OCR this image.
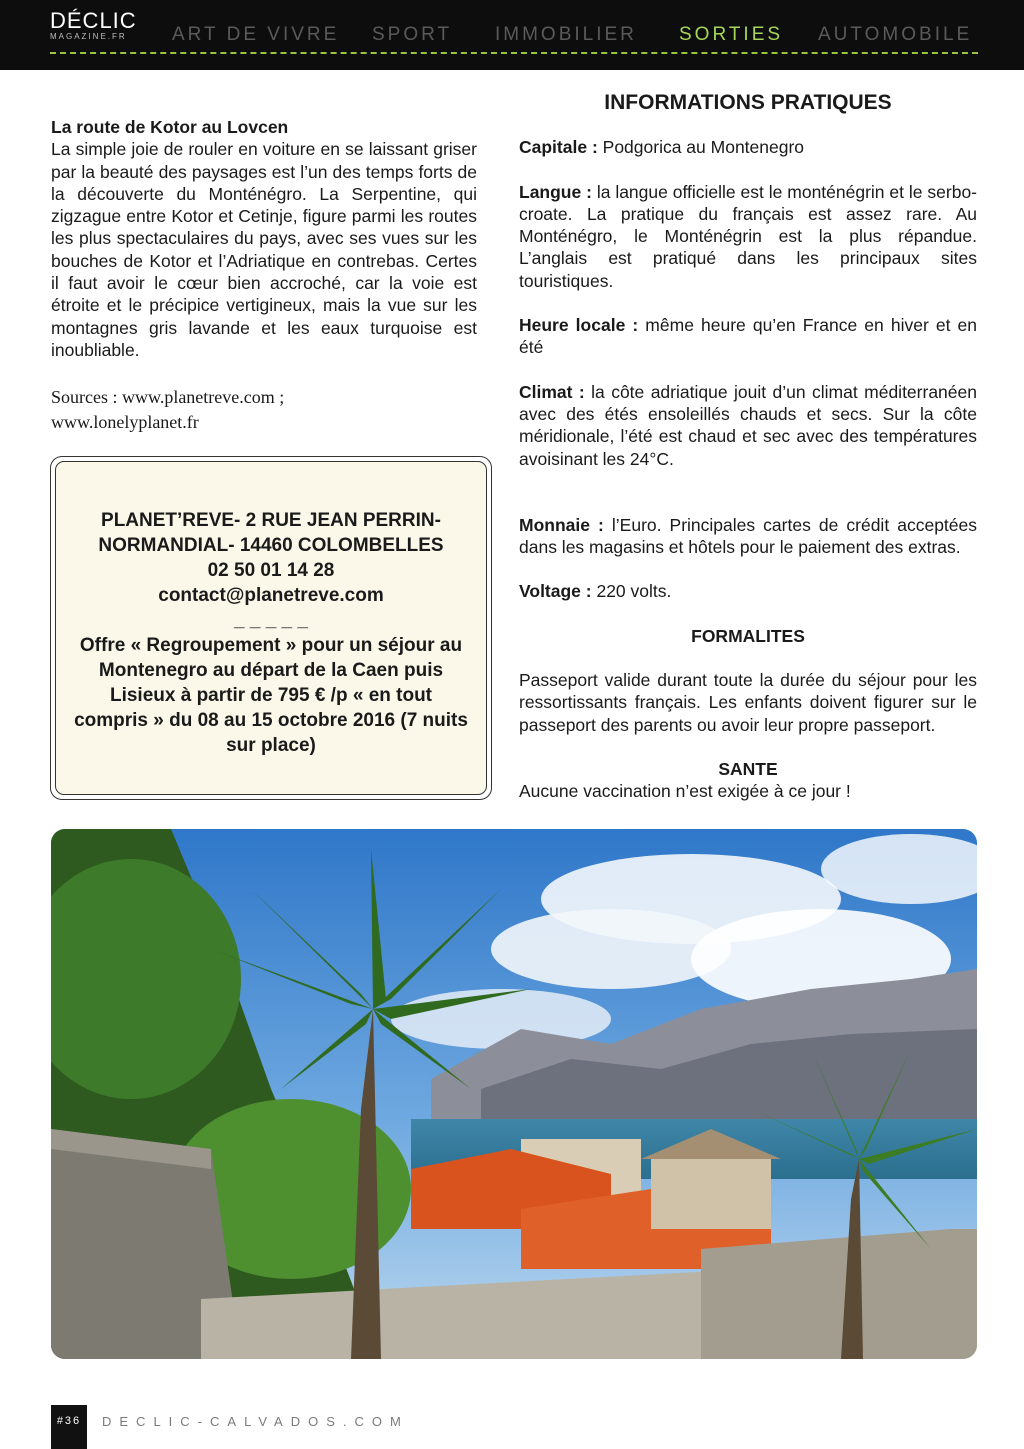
DÉCLIC
MAGAZINE.FR ART DE VIVRE SPORT IMMOBILIER SORTIES AUTOMOBILE

La route de Kotor au Lovcen

La simple joie de rouler en voiture en se laissant griser par la beauté des paysages est l’un des temps forts de la découverte du Monténégro. La Serpentine, qui zigzague entre Kotor et Cetinje, figure parmi les routes les plus spectaculaires du pays, avec ses vues sur les bouches de Kotor et l’Adriatique en contrebas. Certes il faut avoir le cœur bien accroché, car la voie est étroite et le précipice vertigineux, mais la vue sur les montagnes gris lavande et les eaux turquoise est inoubliable.

Sources : www.planetreve.com ;
www.lonelyplanet.fr

PLANET’REVE- 2 RUE JEAN PERRIN-
NORMANDIAL- 14460 COLOMBELLES
02 50 01 14 28
contact@planetreve.com
_ _ _ _ _
Offre « Regroupement » pour un séjour au Montenegro au départ de la Caen puis Lisieux à partir de 795 € /p « en tout compris » du 08 au 15 octobre 2016 (7 nuits sur place)
INFORMATIONS PRATIQUES

Capitale : Podgorica au Montenegro

Langue : la langue officielle est le monténégrin et le serbo-croate. La pratique du français est assez rare. Au Monténégro, le Monténégrin est la plus répandue. L’anglais est pratiqué dans les principaux sites touristiques.

Heure locale : même heure qu’en France en hiver et en été

Climat : la côte adriatique jouit d’un climat méditerranéen avec des étés ensoleillés chauds et secs. Sur la côte méridionale, l’été est chaud et sec avec des températures avoisinant les 24°C.

Monnaie : l’Euro. Principales cartes de crédit acceptées dans les magasins et hôtels pour le paiement des extras.

Voltage : 220 volts.

FORMALITES

Passeport valide durant toute la durée du séjour pour les ressortissants français. Les enfants doivent figurer sur le passeport des parents ou avoir leur propre passeport.

SANTE

Aucune vaccination n’est exigée à ce jour !

#36	DECLIC-CALVADOS.COM
